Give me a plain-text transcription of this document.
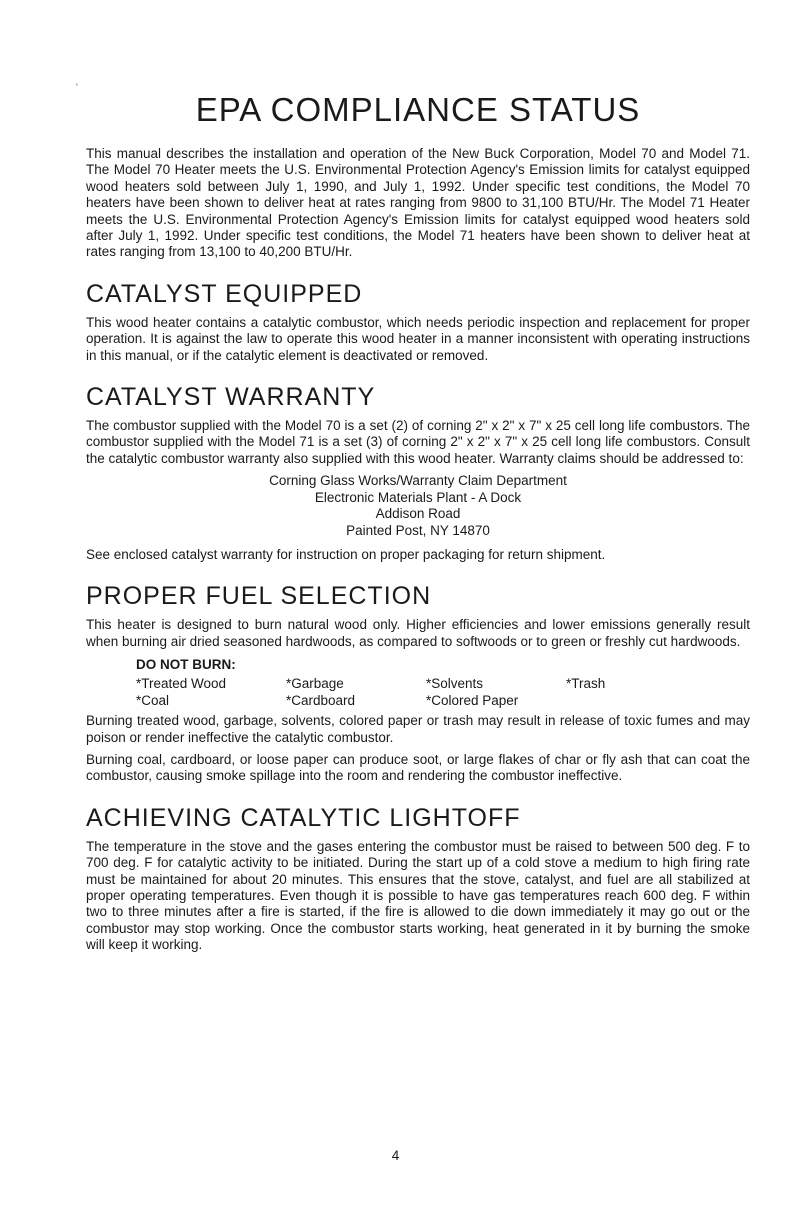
'
EPA COMPLIANCE STATUS

This manual describes the installation and operation of the New Buck Corporation, Model 70 and Model 71. The Model 70 Heater meets the U.S. Environmental Protection Agency's Emission limits for catalyst equipped wood heaters sold between July 1, 1990, and July 1, 1992. Under specific test conditions, the Model 70 heaters have been shown to deliver heat at rates ranging from 9800 to 31,100 BTU/Hr. The Model 71 Heater meets the U.S. Environmental Protection Agency's Emission limits for catalyst equipped wood heaters sold after July 1, 1992. Under specific test conditions, the Model 71 heaters have been shown to deliver heat at rates ranging from 13,100 to 40,200 BTU/Hr.

CATALYST EQUIPPED

This wood heater contains a catalytic combustor, which needs periodic inspection and replacement for proper operation. It is against the law to operate this wood heater in a manner inconsistent with operating instructions in this manual, or if the catalytic element is deactivated or removed.

CATALYST WARRANTY

The combustor supplied with the Model 70 is a set (2) of corning 2" x 2" x 7" x 25 cell long life combustors. The combustor supplied with the Model 71 is a set (3) of corning 2" x 2" x 7" x 25 cell long life combustors. Consult the catalytic combustor warranty also supplied with this wood heater. Warranty claims should be addressed to:

Corning Glass Works/Warranty Claim Department
Electronic Materials Plant - A Dock
Addison Road
Painted Post, NY 14870

See enclosed catalyst warranty for instruction on proper packaging for return shipment.

PROPER FUEL SELECTION

This heater is designed to burn natural wood only. Higher efficiencies and lower emissions generally result when burning air dried seasoned hardwoods, as compared to softwoods or to green or freshly cut hardwoods.

DO NOT BURN:
*Treated Wood	*Garbage	*Solvents	*Trash
*Coal	*Cardboard	*Colored Paper

Burning treated wood, garbage, solvents, colored paper or trash may result in release of toxic fumes and may poison or render ineffective the catalytic combustor.

Burning coal, cardboard, or loose paper can produce soot, or large flakes of char or fly ash that can coat the combustor, causing smoke spillage into the room and rendering the combustor ineffective.

ACHIEVING CATALYTIC LIGHTOFF

The temperature in the stove and the gases entering the combustor must be raised to between 500 deg. F to 700 deg. F for catalytic activity to be initiated. During the start up of a cold stove a medium to high firing rate must be maintained for about 20 minutes. This ensures that the stove, catalyst, and fuel are all stabilized at proper operating temperatures. Even though it is possible to have gas temperatures reach 600 deg. F within two to three minutes after a fire is started, if the fire is allowed to die down immediately it may go out or the combustor may stop working. Once the combustor starts working, heat generated in it by burning the smoke will keep it working.

4
